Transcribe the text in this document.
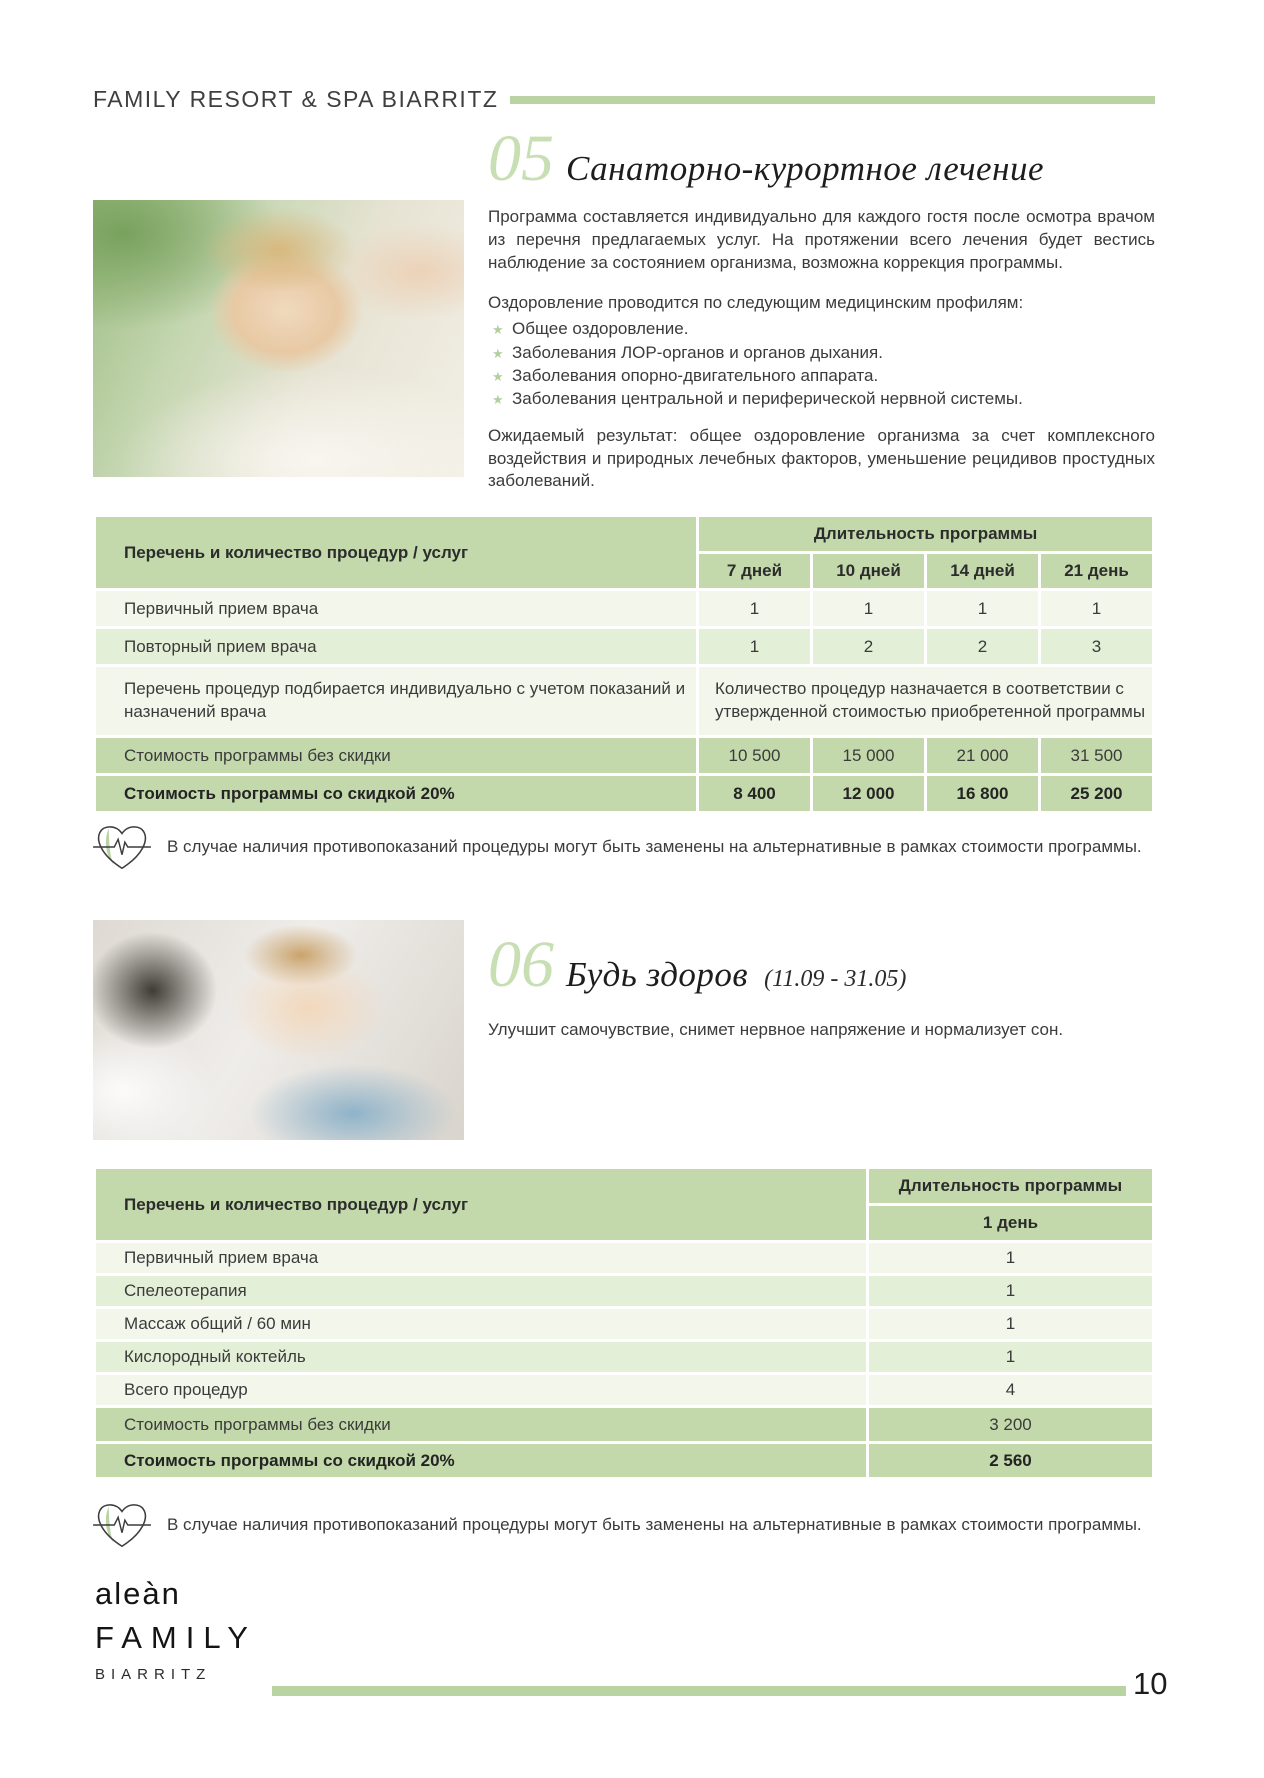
FAMILY RESORT & SPA BIARRITZ
05 Санаторно-курортное лечение

Программа составляется индивидуально для каждого гостя после осмотра врачом из перечня предлагаемых услуг. На протяжении всего лечения будет вестись наблюдение за состоянием организма, возможна коррекция программы.

Оздоровление проводится по следующим медицинским профилям:

★ Общее оздоровление.
★ Заболевания ЛОР-органов и органов дыхания.
★ Заболевания опорно-двигательного аппарата.
★ Заболевания центральной и периферической нервной системы.

Ожидаемый результат: общее оздоровление организма за счет комплексного воздействия и природных лечебных факторов, уменьшение рецидивов простудных заболеваний.

Перечень и количество процедур / услуг	Длительность программы			
	7 дней	10 дней	14 дней	21 день
Первичный прием врача	1	1	1	1
Повторный прием врача	1	2	2	3
Перечень процедур подбирается индивидуально с учетом показаний и назначений врача	Количество процедур назначается в соответствии с утвержденной стоимостью приобретенной программы			
Стоимость программы без скидки	10 500	15 000	21 000	31 500
Стоимость программы со скидкой 20%	8 400	12 000	16 800	25 200
В случае наличия противопоказаний процедуры могут быть заменены на альтернативные в рамках стоимости программы.
06 Будь здоров (11.09 - 31.05)

Улучшит самочувствие, снимет нервное напряжение и нормализует сон.

Перечень и количество процедур / услуг	Длительность программы
	1 день
Первичный прием врача	1
Спелеотерапия	1
Массаж общий / 60 мин	1
Кислородный коктейль	1
Всего процедур	4
Стоимость программы без скидки	3 200
Стоимость программы со скидкой 20%	2 560
В случае наличия противопоказаний процедуры могут быть заменены на альтернативные в рамках стоимости программы.
aleàn
FAMILY
BIARRITZ	10
